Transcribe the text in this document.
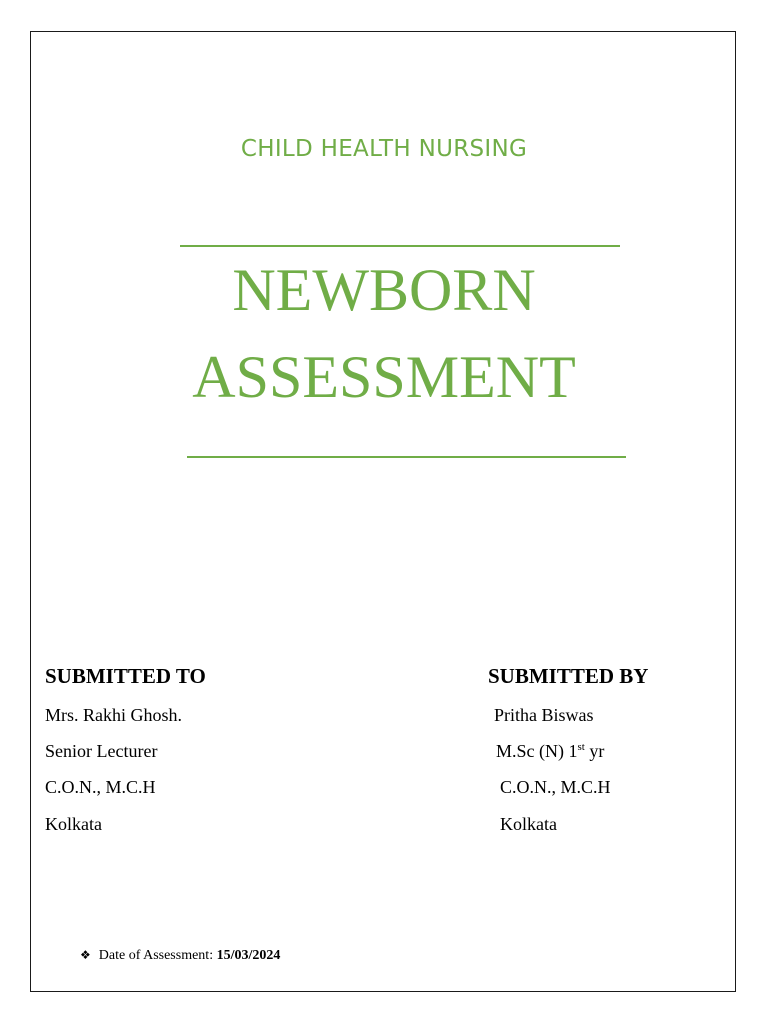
CHILD HEALTH NURSING
NEWBORN
ASSESSMENT
SUBMITTED TO
Mrs. Rakhi Ghosh.
Senior Lecturer
C.O.N., M.C.H
Kolkata
SUBMITTED BY
Pritha Biswas
M.Sc (N) 1st yr
C.O.N., M.C.H
Kolkata
❖ Date of Assessment: 15/03/2024
